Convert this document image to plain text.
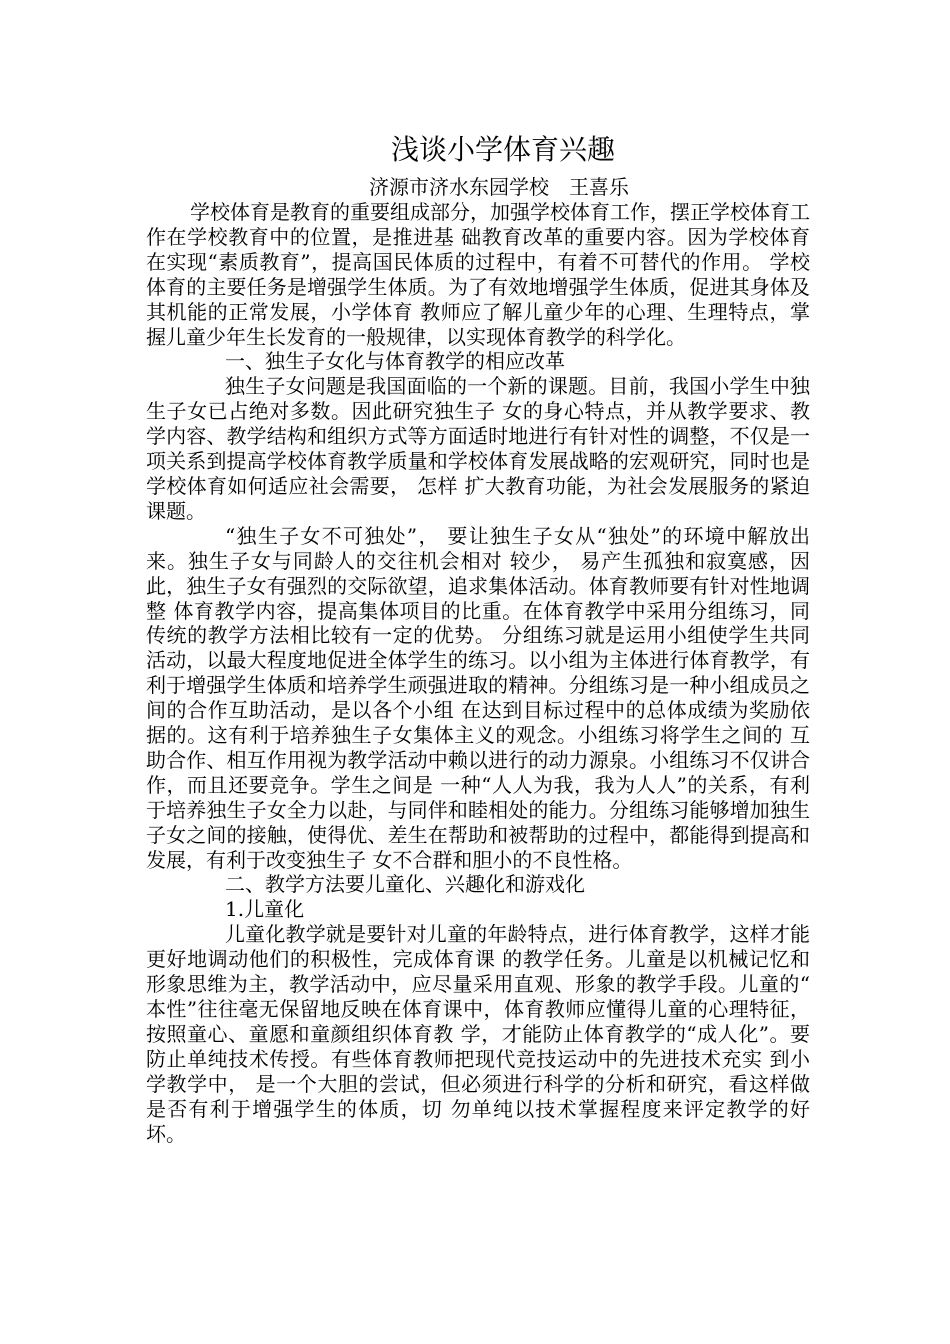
浅谈小学体育兴趣
济源市济水东园学校　王喜乐

学校体育是教育的重要组成部分，加强学校体育工作，摆正学校体育工作在学校教育中的位置，是推进基 础教育改革的重要内容。因为学校体育在实现“素质教育”，提高国民体质的过程中，有着不可替代的作用。 学校体育的主要任务是增强学生体质。为了有效地增强学生体质，促进其身体及其机能的正常发展，小学体育 教师应了解儿童少年的心理、生理特点，掌握儿童少年生长发育的一般规律，以实现体育教学的科学化。

一、独生子女化与体育教学的相应改革

独生子女问题是我国面临的一个新的课题。目前，我国小学生中独生子女已占绝对多数。因此研究独生子 女的身心特点，并从教学要求、教学内容、教学结构和组织方式等方面适时地进行有针对性的调整，不仅是一 项关系到提高学校体育教学质量和学校体育发展战略的宏观研究，同时也是学校体育如何适应社会需要， 怎样 扩大教育功能，为社会发展服务的紧迫课题。

“独生子女不可独处”， 要让独生子女从“独处”的环境中解放出来。独生子女与同龄人的交往机会相对 较少， 易产生孤独和寂寞感，因此，独生子女有强烈的交际欲望，追求集体活动。体育教师要有针对性地调整 体育教学内容，提高集体项目的比重。在体育教学中采用分组练习，同传统的教学方法相比较有一定的优势。 分组练习就是运用小组使学生共同活动，以最大程度地促进全体学生的练习。以小组为主体进行体育教学，有 利于增强学生体质和培养学生顽强进取的精神。分组练习是一种小组成员之间的合作互助活动，是以各个小组 在达到目标过程中的总体成绩为奖励依据的。这有利于培养独生子女集体主义的观念。小组练习将学生之间的 互助合作、相互作用视为教学活动中赖以进行的动力源泉。小组练习不仅讲合作，而且还要竞争。学生之间是 一种“人人为我，我为人人”的关系，有利于培养独生子女全力以赴，与同伴和睦相处的能力。分组练习能够增加独生子女之间的接触，使得优、差生在帮助和被帮助的过程中，都能得到提高和发展，有利于改变独生子 女不合群和胆小的不良性格。

二、教学方法要儿童化、兴趣化和游戏化

1.儿童化

儿童化教学就是要针对儿童的年龄特点，进行体育教学，这样才能更好地调动他们的积极性，完成体育课 的教学任务。儿童是以机械记忆和形象思维为主，教学活动中，应尽量采用直观、形象的教学手段。儿童的“ 本性”往往毫无保留地反映在体育课中，体育教师应懂得儿童的心理特征，按照童心、童愿和童颜组织体育教 学，才能防止体育教学的“成人化”。要防止单纯技术传授。有些体育教师把现代竞技运动中的先进技术充实 到小学教学中， 是一个大胆的尝试，但必须进行科学的分析和研究，看这样做是否有利于增强学生的体质，切 勿单纯以技术掌握程度来评定教学的好坏。
